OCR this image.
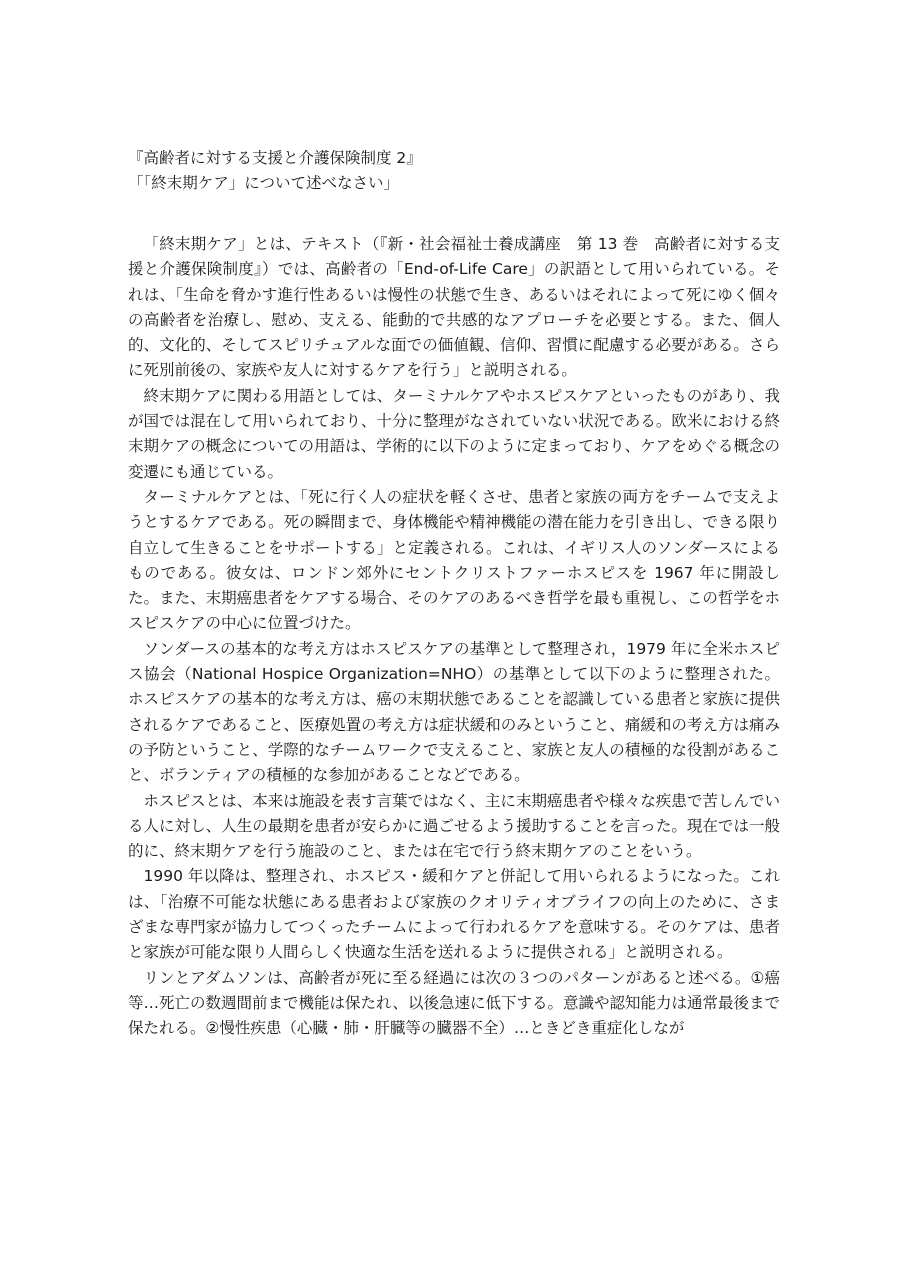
『高齢者に対する支援と介護保険制度 2』
「「終末期ケア」について述べなさい」

「終末期ケア」とは、テキスト（『新・社会福祉士養成講座　第 13 巻　高齢者に対する支援と介護保険制度』）では、高齢者の「End-of-Life Care」の訳語として用いられている。それは、「生命を脅かす進行性あるいは慢性の状態で生き、あるいはそれによって死にゆく個々の高齢者を治療し、慰め、支える、能動的で共感的なアプローチを必要とする。また、個人的、文化的、そしてスピリチュアルな面での価値観、信仰、習慣に配慮する必要がある。さらに死別前後の、家族や友人に対するケアを行う」と説明される。

終末期ケアに関わる用語としては、ターミナルケアやホスピスケアといったものがあり、我が国では混在して用いられており、十分に整理がなされていない状況である。欧米における終末期ケアの概念についての用語は、学術的に以下のように定まっており、ケアをめぐる概念の変遷にも通じている。

ターミナルケアとは、「死に行く人の症状を軽くさせ、患者と家族の両方をチームで支えようとするケアである。死の瞬間まで、身体機能や精神機能の潜在能力を引き出し、できる限り自立して生きることをサポートする」と定義される。これは、イギリス人のソンダースによるものである。彼女は、ロンドン郊外にセントクリストファーホスピスを 1967 年に開設した。また、末期癌患者をケアする場合、そのケアのあるべき哲学を最も重視し、この哲学をホスピスケアの中心に位置づけた。

ソンダースの基本的な考え方はホスピスケアの基準として整理され，1979 年に全米ホスピス協会（National Hospice Organization=NHO）の基準として以下のように整理された。ホスピスケアの基本的な考え方は、癌の末期状態であることを認識している患者と家族に提供されるケアであること、医療処置の考え方は症状緩和のみということ、痛緩和の考え方は痛みの予防ということ、学際的なチームワークで支えること、家族と友人の積極的な役割があること、ボランティアの積極的な参加があることなどである。

ホスピスとは、本来は施設を表す言葉ではなく、主に末期癌患者や様々な疾患で苦しんでいる人に対し、人生の最期を患者が安らかに過ごせるよう援助することを言った。現在では一般的に、終末期ケアを行う施設のこと、または在宅で行う終末期ケアのことをいう。

1990 年以降は、整理され、ホスピス・緩和ケアと併記して用いられるようになった。これは、「治療不可能な状態にある患者および家族のクオリティオブライフの向上のために、さまざまな専門家が協力してつくったチームによって行われるケアを意味する。そのケアは、患者と家族が可能な限り人間らしく快適な生活を送れるように提供される」と説明される。

リンとアダムソンは、高齢者が死に至る経過には次の３つのパターンがあると述べる。①癌等…死亡の数週間前まで機能は保たれ、以後急速に低下する。意識や認知能力は通常最後まで保たれる。②慢性疾患（心臓・肺・肝臓等の臓器不全）…ときどき重症化しなが
